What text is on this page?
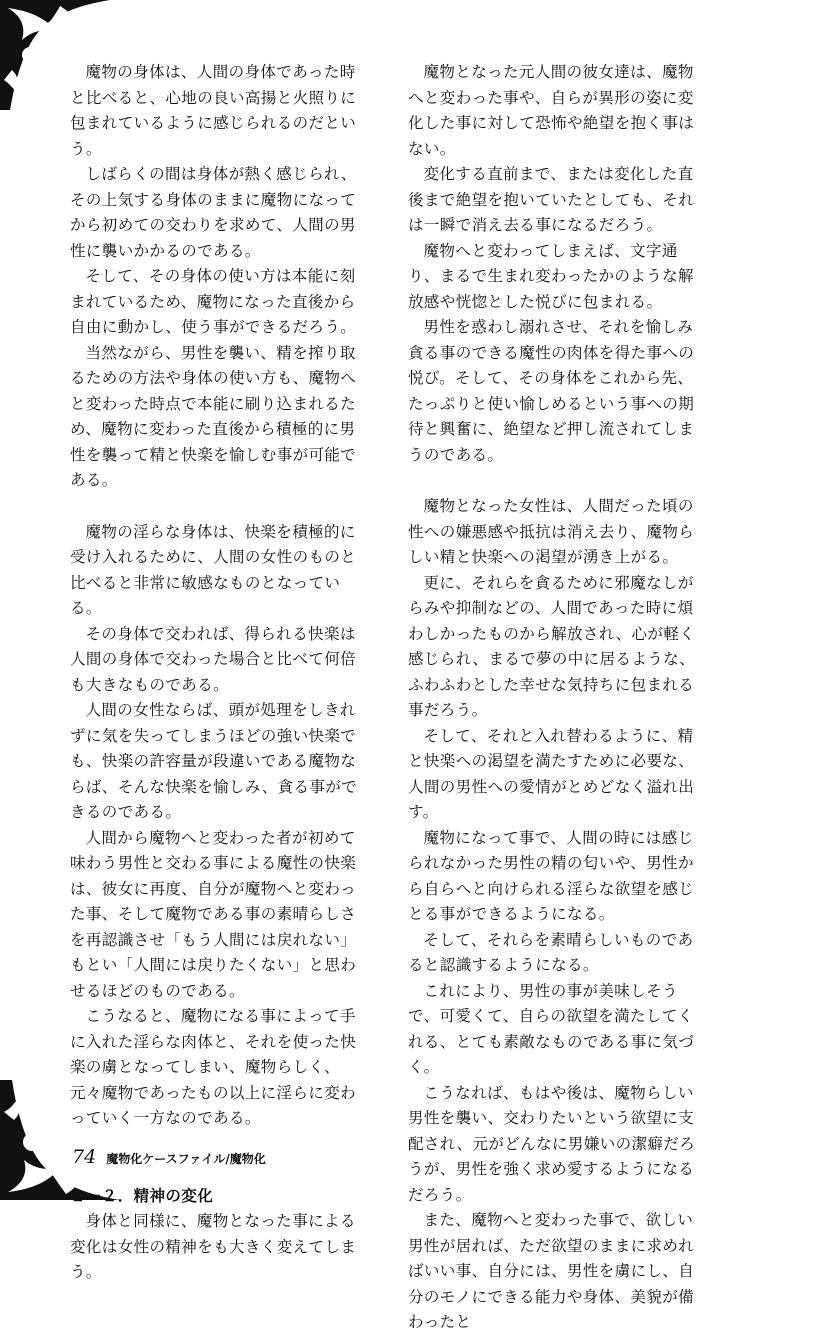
魔物の身体は、人間の身体であった時と比べると、心地の良い高揚と火照りに包まれているように感じられるのだという。

しばらくの間は身体が熱く感じられ、その上気する身体のままに魔物になってから初めての交わりを求めて、人間の男性に襲いかかるのである。

そして、その身体の使い方は本能に刻まれているため、魔物になった直後から自由に動かし、使う事ができるだろう。

当然ながら、男性を襲い、精を搾り取るための方法や身体の使い方も、魔物へと変わった時点で本能に刷り込まれるため、魔物に変わった直後から積極的に男性を襲って精と快楽を愉しむ事が可能である。

魔物の淫らな身体は、快楽を積極的に受け入れるために、人間の女性のものと比べると非常に敏感なものとなっている。

その身体で交われば、得られる快楽は人間の身体で交わった場合と比べて何倍も大きなものである。

人間の女性ならば、頭が処理をしきれずに気を失ってしまうほどの強い快楽でも、快楽の許容量が段違いである魔物ならば、そんな快楽を愉しみ、貪る事ができるのである。

人間から魔物へと変わった者が初めて味わう男性と交わる事による魔性の快楽は、彼女に再度、自分が魔物へと変わった事、そして魔物である事の素晴らしさを再認識させ「もう人間には戻れない」もとい「人間には戻りたくない」と思わせるほどのものである。

こうなると、魔物になる事によって手に入れた淫らな肉体と、それを使った快楽の虜となってしまい、魔物らしく、元々魔物であったもの以上に淫らに変わっていく一方なのである。

２－２．精神の変化

身体と同様に、魔物となった事による変化は女性の精神をも大きく変えてしまう。

魔物となった元人間の彼女達は、魔物へと変わった事や、自らが異形の姿に変化した事に対して恐怖や絶望を抱く事はない。

変化する直前まで、または変化した直後まで絶望を抱いていたとしても、それは一瞬で消え去る事になるだろう。

魔物へと変わってしまえば、文字通り、まるで生まれ変わったかのような解放感や恍惚とした悦びに包まれる。

男性を惑わし溺れさせ、それを愉しみ貪る事のできる魔性の肉体を得た事への悦び。そして、その身体をこれから先、たっぷりと使い愉しめるという事への期待と興奮に、絶望など押し流されてしまうのである。

魔物となった女性は、人間だった頃の性への嫌悪感や抵抗は消え去り、魔物らしい精と快楽への渇望が湧き上がる。

更に、それらを貪るために邪魔なしがらみや抑制などの、人間であった時に煩わしかったものから解放され、心が軽く感じられ、まるで夢の中に居るような、ふわふわとした幸せな気持ちに包まれる事だろう。

そして、それと入れ替わるように、精と快楽への渇望を満たすために必要な、人間の男性への愛情がとめどなく溢れ出す。

魔物になって事で、人間の時には感じられなかった男性の精の匂いや、男性から自らへと向けられる淫らな欲望を感じとる事ができるようになる。

そして、それらを素晴らしいものであると認識するようになる。

これにより、男性の事が美味しそうで、可愛くて、自らの欲望を満たしてくれる、とても素敵なものである事に気づく。

こうなれば、もはや後は、魔物らしい男性を襲い、交わりたいという欲望に支配され、元がどんなに男嫌いの潔癖だろうが、男性を強く求め愛するようになるだろう。

また、魔物へと変わった事で、欲しい男性が居れば、ただ欲望のままに求めればいい事、自分には、男性を虜にし、自分のモノにできる能力や身体、美貌が備わったと

74 魔物化ケースファイル/魔物化
